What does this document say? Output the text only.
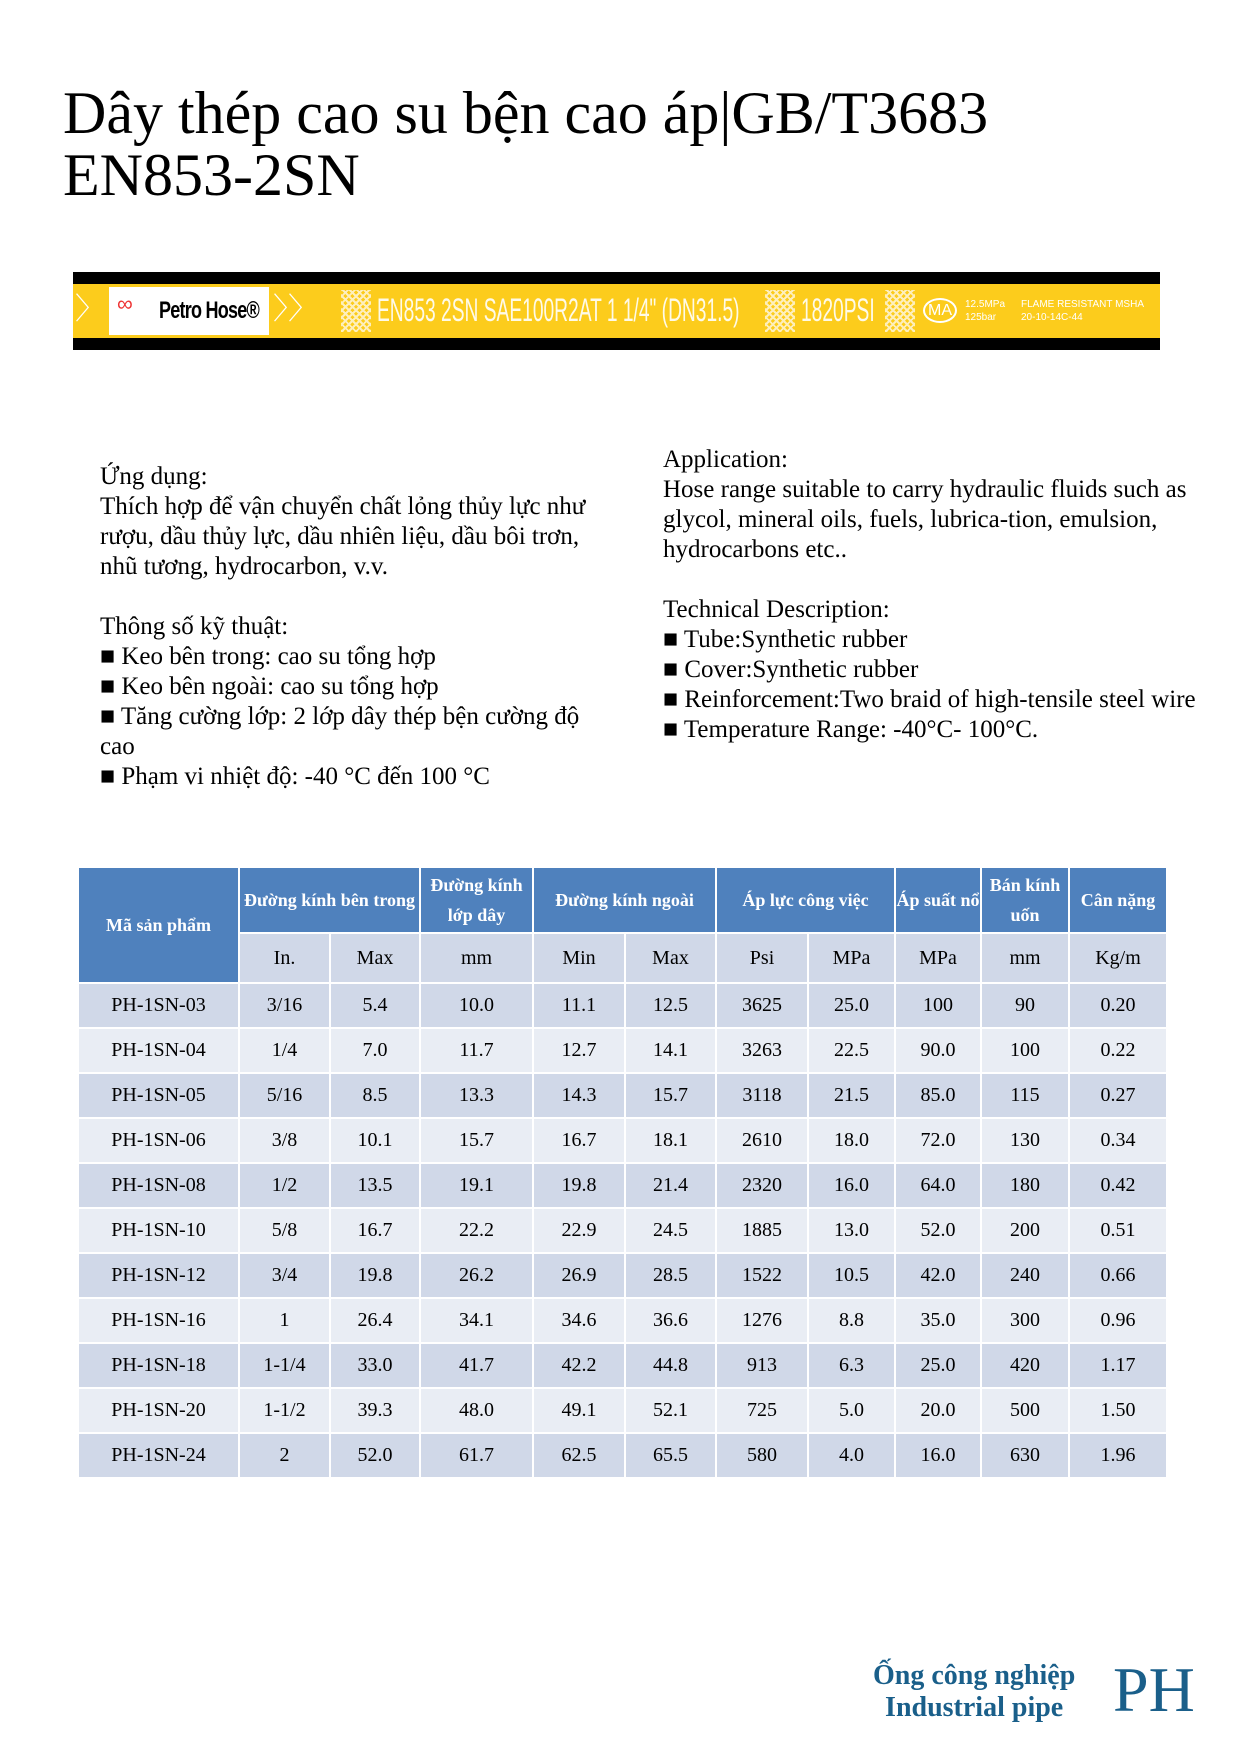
Dây thép cao su bện cao áp|GB/T3683
EN853-2SN
〉 ∞ Petro Hose® 〉〉 EN853 2SN SAE100R2AT 1 1/4" (DN31.5) 1820PSI	MA	12.5MPa 125bar
FLAME RESISTANT MSHA 20-10-14C-44

Ứng dụng:

Thích hợp để vận chuyển chất lỏng thủy lực như rượu, dầu thủy lực, dầu nhiên liệu, dầu bôi trơn, nhũ tương, hydrocarbon, v.v.

Thông số kỹ thuật:

■ Keo bên trong: cao su tổng hợp

■ Keo bên ngoài: cao su tổng hợp

■ Tăng cường lớp: 2 lớp dây thép bện cường độ cao

■ Phạm vi nhiệt độ: -40 °C đến 100 °C

Application:

Hose range suitable to carry hydraulic fluids such as glycol, mineral oils, fuels, lubrica-tion, emulsion, hydrocarbons etc..

Technical Description:

■ Tube:Synthetic rubber

■ Cover:Synthetic rubber

■ Reinforcement:Two braid of high-tensile steel wire

■ Temperature Range: -40°C- 100°C.

Mã sản phẩm	Đường kính bên trong		Đường kính lớp dây	Đường kính ngoài		Áp lực công việc		Áp suất nổ	Bán kính uốn	Cân nặng
	In.	Max	mm	Min	Max	Psi	MPa	MPa	mm	Kg/m
PH-1SN-03	3/16	5.4	10.0	11.1	12.5	3625	25.0	100	90	0.20
PH-1SN-04	1/4	7.0	11.7	12.7	14.1	3263	22.5	90.0	100	0.22
PH-1SN-05	5/16	8.5	13.3	14.3	15.7	3118	21.5	85.0	115	0.27
PH-1SN-06	3/8	10.1	15.7	16.7	18.1	2610	18.0	72.0	130	0.34
PH-1SN-08	1/2	13.5	19.1	19.8	21.4	2320	16.0	64.0	180	0.42
PH-1SN-10	5/8	16.7	22.2	22.9	24.5	1885	13.0	52.0	200	0.51
PH-1SN-12	3/4	19.8	26.2	26.9	28.5	1522	10.5	42.0	240	0.66
PH-1SN-16	1	26.4	34.1	34.6	36.6	1276	8.8	35.0	300	0.96
PH-1SN-18	1-1/4	33.0	41.7	42.2	44.8	913	6.3	25.0	420	1.17
PH-1SN-20	1-1/2	39.3	48.0	49.1	52.1	725	5.0	20.0	500	1.50
PH-1SN-24	2	52.0	61.7	62.5	65.5	580	4.0	16.0	630	1.96
Ống công nghiệp
Industrial pipe PH
